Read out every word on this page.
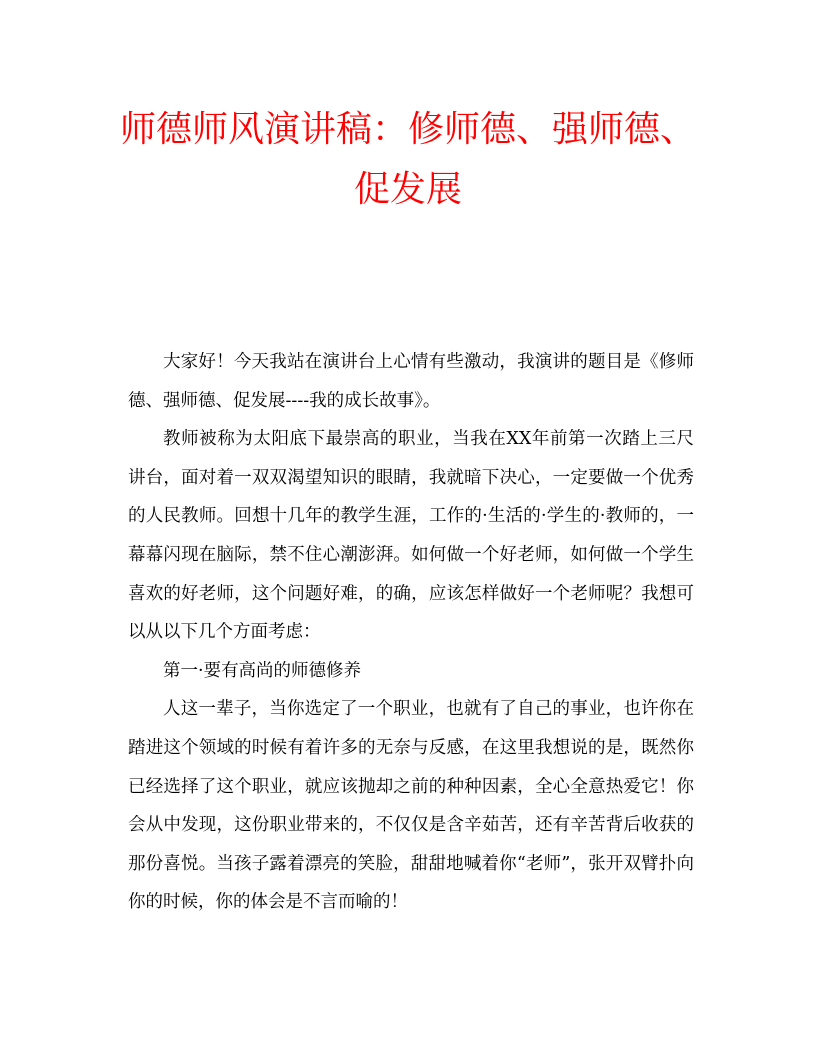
师德师风演讲稿：修师德、强师德、促发展

大家好！今天我站在演讲台上心情有些激动，我演讲的题目是《修师德、强师德、促发展----我的成长故事》。

教师被称为太阳底下最崇高的职业，当我在XX年前第一次踏上三尺讲台，面对着一双双渴望知识的眼睛，我就暗下决心，一定要做一个优秀的人民教师。回想十几年的教学生涯，工作的·生活的·学生的·教师的，一幕幕闪现在脑际，禁不住心潮澎湃。如何做一个好老师，如何做一个学生喜欢的好老师，这个问题好难，的确，应该怎样做好一个老师呢？我想可以从以下几个方面考虑：

第一·要有高尚的师德修养

人这一辈子，当你选定了一个职业，也就有了自己的事业，也许你在踏进这个领域的时候有着许多的无奈与反感，在这里我想说的是，既然你已经选择了这个职业，就应该抛却之前的种种因素，全心全意热爱它！你会从中发现，这份职业带来的，不仅仅是含辛茹苦，还有辛苦背后收获的那份喜悦。当孩子露着漂亮的笑脸，甜甜地喊着你“老师”，张开双臂扑向你的时候，你的体会是不言而喻的！
